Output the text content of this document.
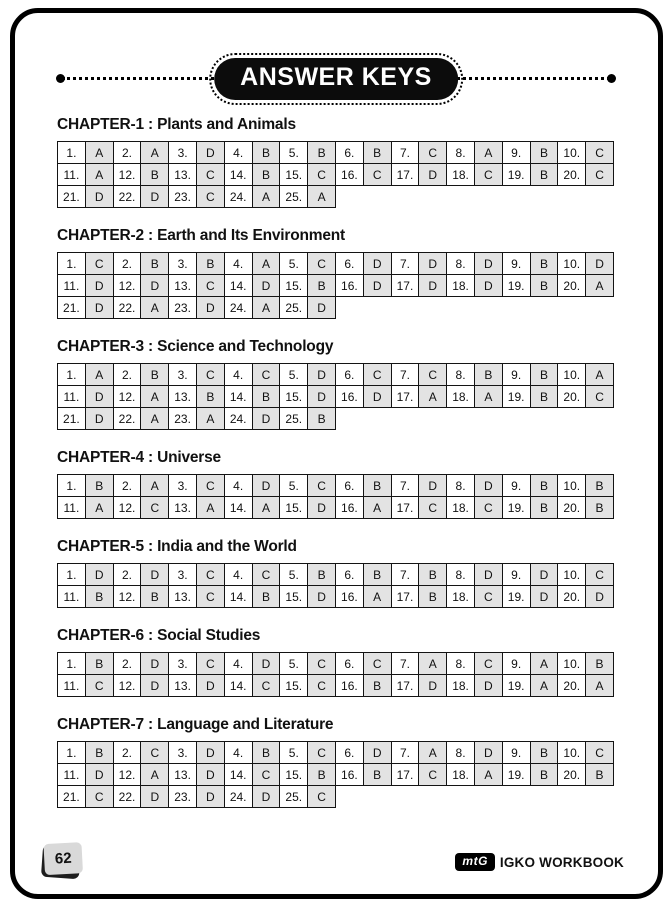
ANSWER KEYS
CHAPTER-1 : Plants and Animals
1.	A	2.	A	3.	D	4.	B	5.	B	6.	B	7.	C	8.	A	9.	B	10.	C
11.	A	12.	B	13.	C	14.	B	15.	C	16.	C	17.	D	18.	C	19.	B	20.	C
21.	D	22.	D	23.	C	24.	A	25.	A										
CHAPTER-2 : Earth and Its Environment
1.	C	2.	B	3.	B	4.	A	5.	C	6.	D	7.	D	8.	D	9.	B	10.	D
11.	D	12.	D	13.	C	14.	D	15.	B	16.	D	17.	D	18.	D	19.	B	20.	A
21.	D	22.	A	23.	D	24.	A	25.	D										
CHAPTER-3 : Science and Technology
1.	A	2.	B	3.	C	4.	C	5.	D	6.	C	7.	C	8.	B	9.	B	10.	A
11.	D	12.	A	13.	B	14.	B	15.	D	16.	D	17.	A	18.	A	19.	B	20.	C
21.	D	22.	A	23.	A	24.	D	25.	B										
CHAPTER-4 : Universe
1.	B	2.	A	3.	C	4.	D	5.	C	6.	B	7.	D	8.	D	9.	B	10.	B
11.	A	12.	C	13.	A	14.	A	15.	D	16.	A	17.	C	18.	C	19.	B	20.	B
CHAPTER-5 : India and the World
1.	D	2.	D	3.	C	4.	C	5.	B	6.	B	7.	B	8.	D	9.	D	10.	C
11.	B	12.	B	13.	C	14.	B	15.	D	16.	A	17.	B	18.	C	19.	D	20.	D
CHAPTER-6 : Social Studies
1.	B	2.	D	3.	C	4.	D	5.	C	6.	C	7.	A	8.	C	9.	A	10.	B
11.	C	12.	D	13.	D	14.	C	15.	C	16.	B	17.	D	18.	D	19.	A	20.	A
CHAPTER-7 : Language and Literature
1.	B	2.	C	3.	D	4.	B	5.	C	6.	D	7.	A	8.	D	9.	B	10.	C
11.	D	12.	A	13.	D	14.	C	15.	B	16.	B	17.	C	18.	A	19.	B	20.	B
21.	C	22.	D	23.	D	24.	D	25.	C										
62	mtG IGKO WORKBOOK
